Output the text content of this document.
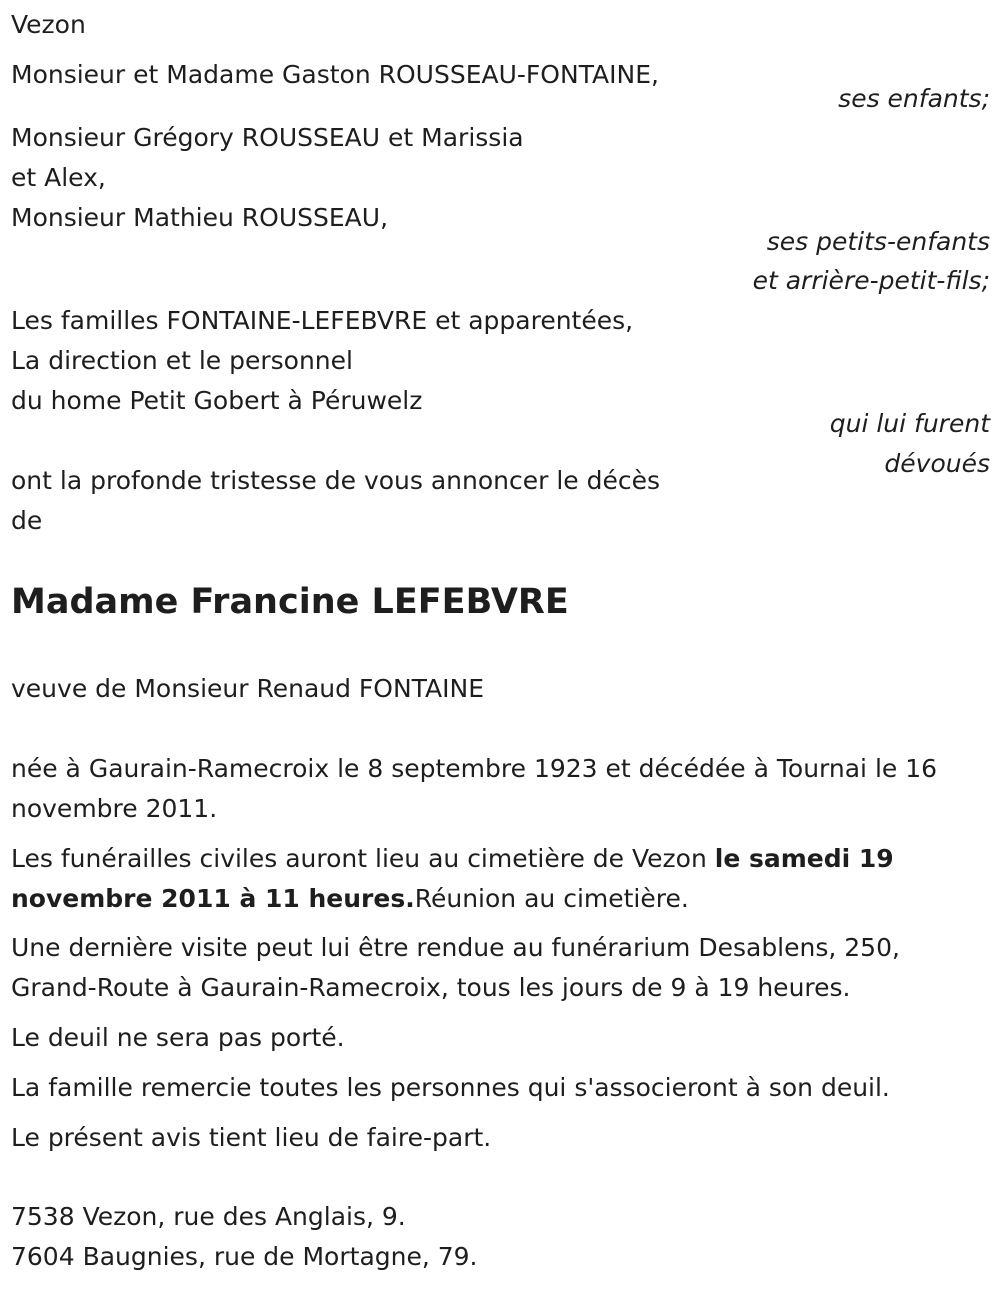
Vezon
Monsieur et Madame Gaston ROUSSEAU-FONTAINE,
ses enfants;
Monsieur Grégory ROUSSEAU et Marissia
et Alex,
Monsieur Mathieu ROUSSEAU,
ses petits-enfants
et arrière-petit-fils;
Les familles FONTAINE-LEFEBVRE et apparentées,
La direction et le personnel
du home Petit Gobert à Péruwelz
qui lui furent
dévoués
ont la profonde tristesse de vous annoncer le décès
de
Madame Francine LEFEBVRE
veuve de Monsieur Renaud FONTAINE
née à Gaurain-Ramecroix le 8 septembre 1923 et décédée à Tournai le 16
novembre 2011.
Les funérailles civiles auront lieu au cimetière de Vezon le samedi 19
novembre 2011 à 11 heures.Réunion au cimetière.
Une dernière visite peut lui être rendue au funérarium Desablens, 250,
Grand-Route à Gaurain-Ramecroix, tous les jours de 9 à 19 heures.
Le deuil ne sera pas porté.
La famille remercie toutes les personnes qui s'associeront à son deuil.
Le présent avis tient lieu de faire-part.
7538 Vezon, rue des Anglais, 9.
7604 Baugnies, rue de Mortagne, 79.
